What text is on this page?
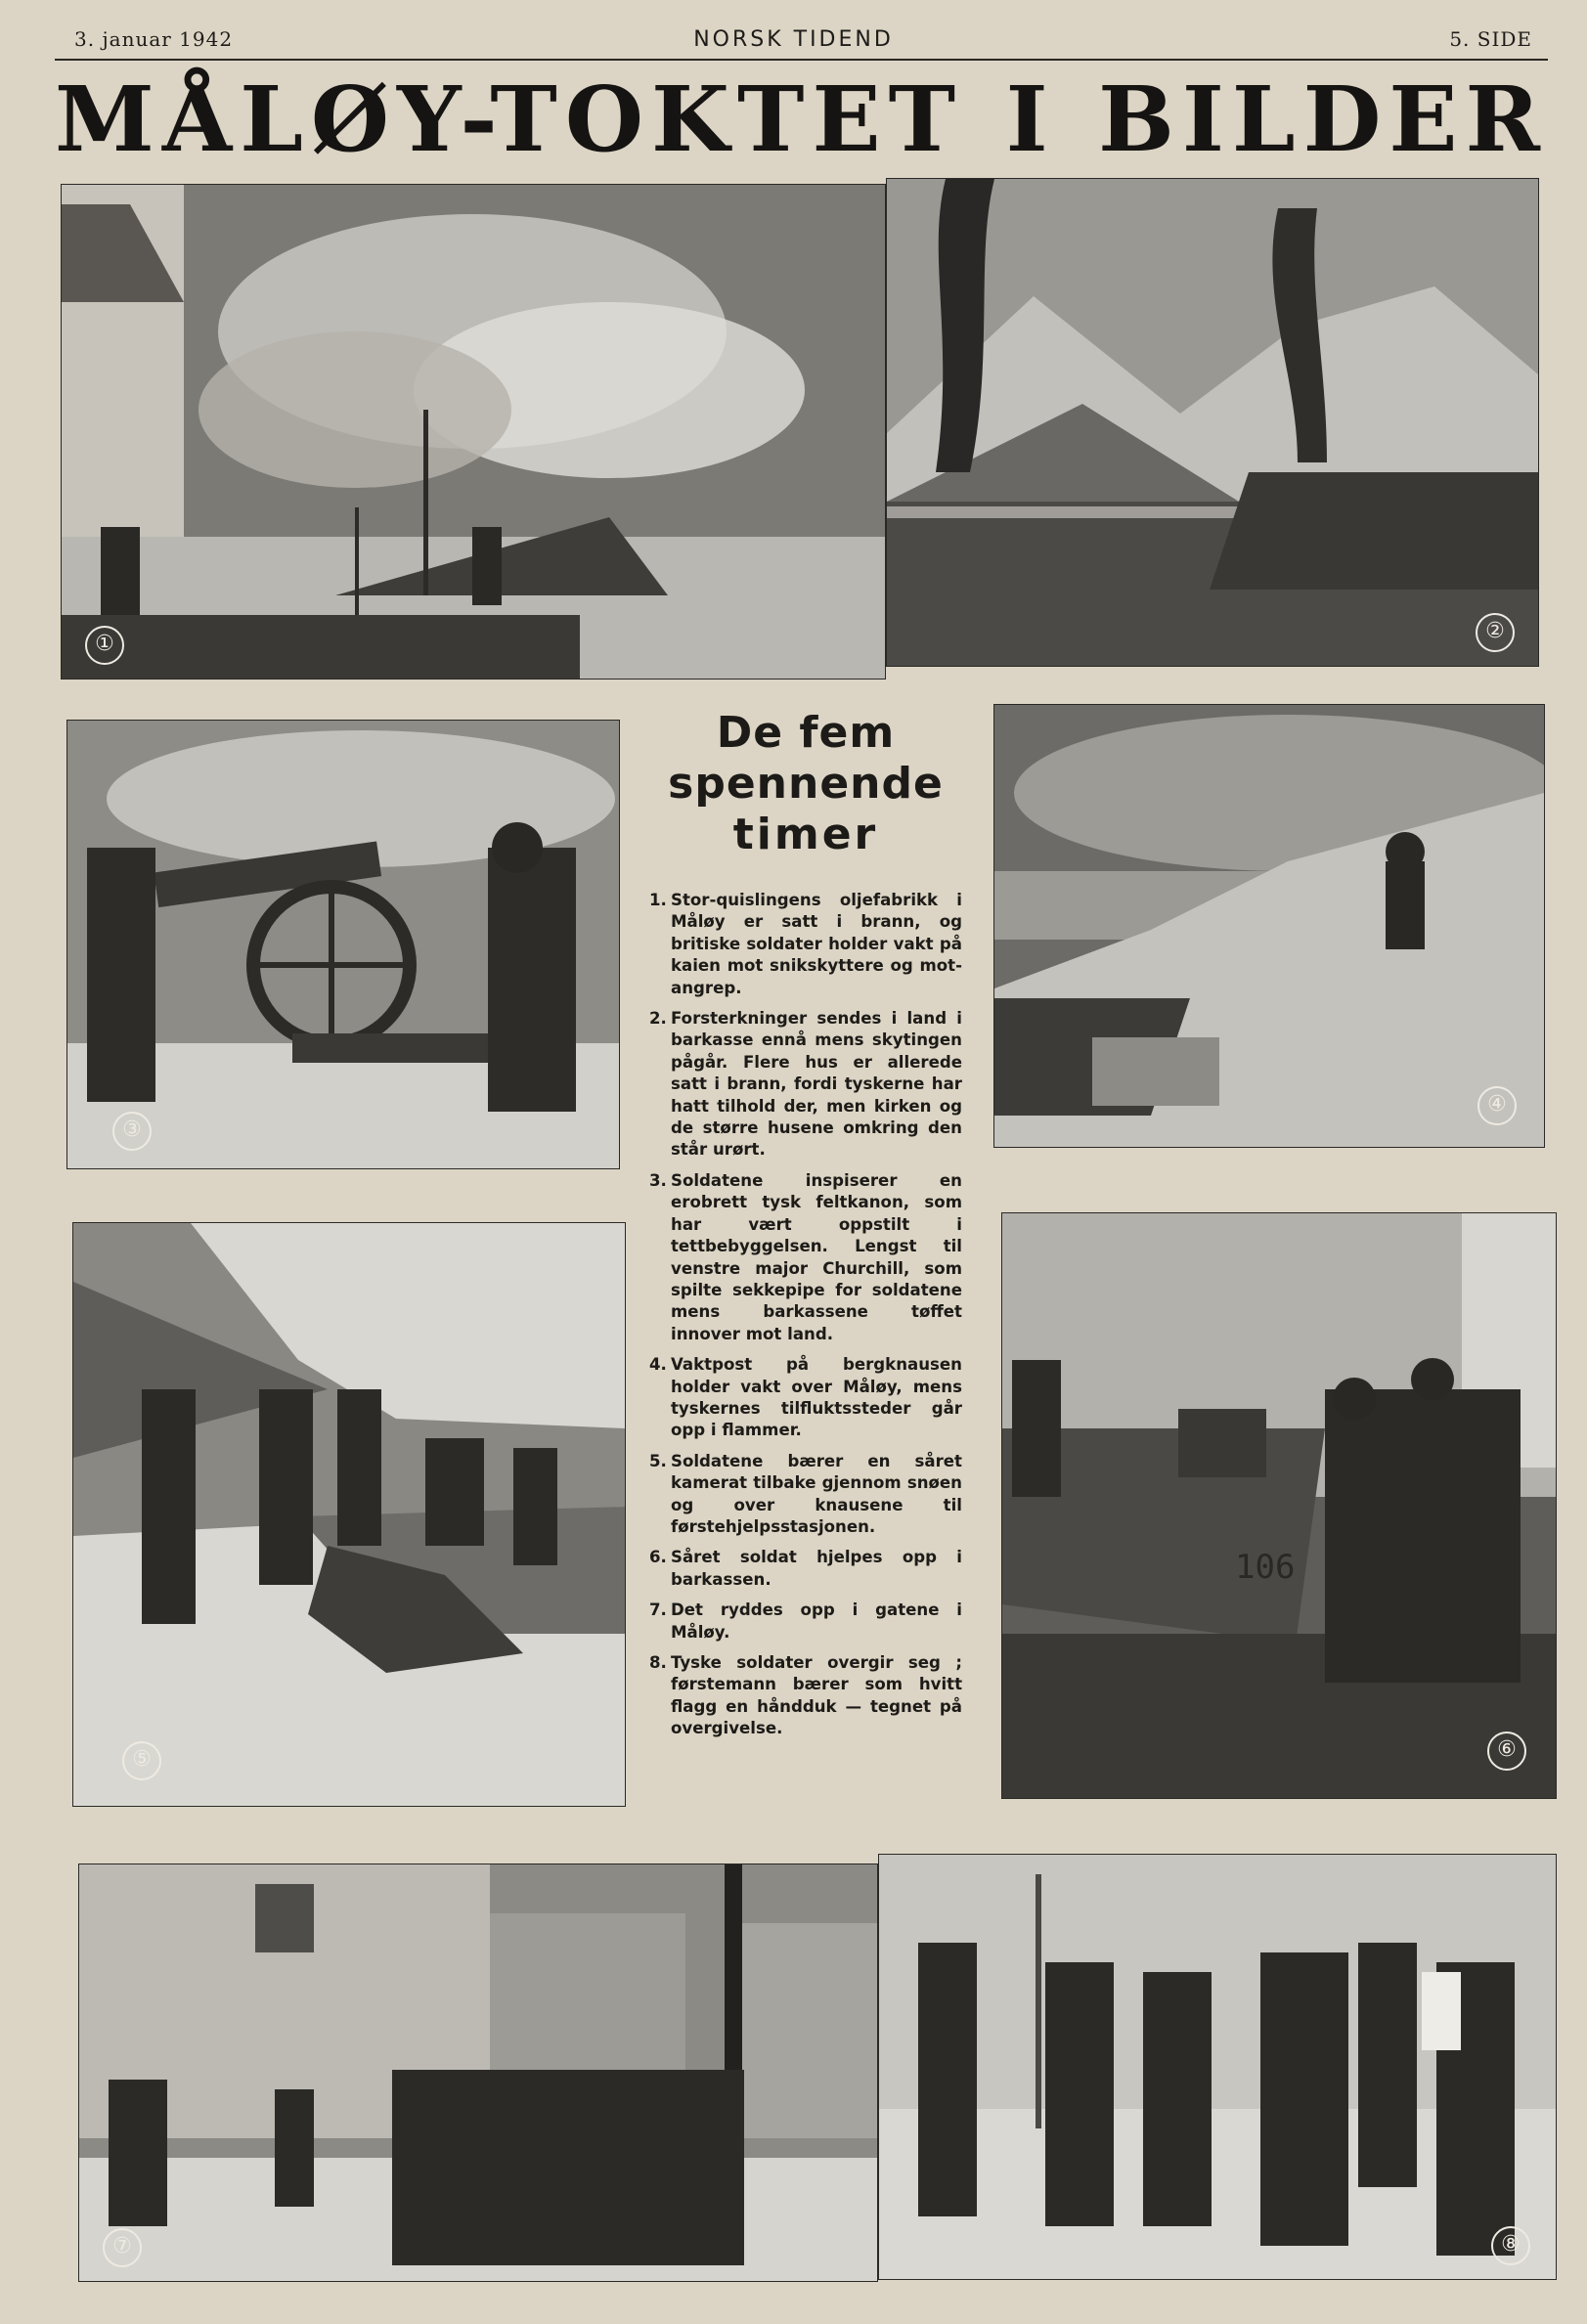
3. januar 1942	NORSK TIDEND	5. SIDE
MÅLØY-TOKTET I BILDER
①
②
③
④
⑤
106
⑥
⑦	⑧
De fem
spennende
timer
1. Stor-quislingens oljefabrikk i Måløy er satt i brann, og britiske soldater holder vakt på kaien mot snikskyttere og mot-angrep.
2. Forsterkninger sendes i land i barkasse ennå mens skytingen pågår. Flere hus er allerede satt i brann, fordi tyskerne har hatt tilhold der, men kirken og de større husene omkring den står urørt.
3. Soldatene inspiserer en erobrett tysk feltkanon, som har vært oppstilt i tettbebyggelsen. Lengst til venstre major Churchill, som spilte sekkepipe for soldatene mens barkassene tøffet innover mot land.
4. Vaktpost på bergknausen holder vakt over Måløy, mens tyskernes tilfluktssteder går opp i flammer.
5. Soldatene bærer en såret kamerat tilbake gjennom snøen og over knausene til førstehjelpsstasjonen.
6. Såret soldat hjelpes opp i barkassen.
7. Det ryddes opp i gatene i Måløy.
8. Tyske soldater overgir seg ; førstemann bærer som hvitt flagg en håndduk — tegnet på overgivelse.
